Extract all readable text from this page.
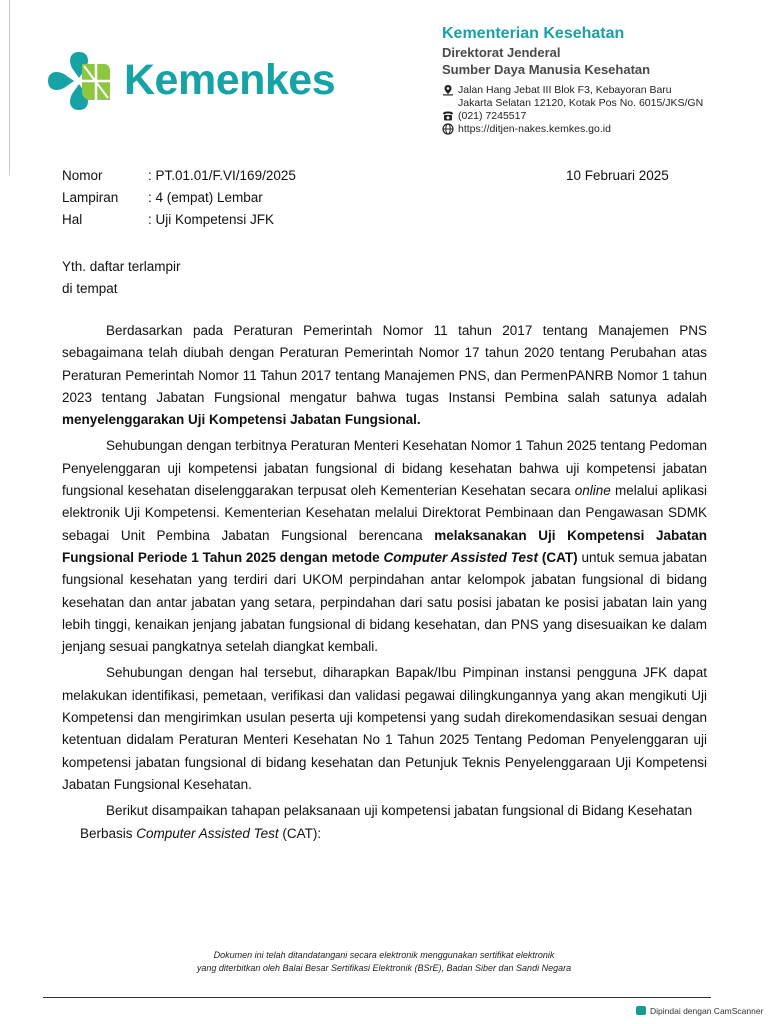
Kemenkes
Kementerian Kesehatan
Direktorat Jenderal
Sumber Daya Manusia Kesehatan
Jalan Hang Jebat III Blok F3, Kebayoran Baru
Jakarta Selatan 12120, Kotak Pos No. 6015/JKS/GN
(021) 7245517
https://ditjen-nakes.kemkes.go.id
Nomor	: PT.01.01/F.VI/169/2025
Lampiran : 4 (empat) Lembar
Hal	: Uji Kompetensi JFK
10 Februari 2025
Yth. daftar terlampir
di tempat

Berdasarkan pada Peraturan Pemerintah Nomor 11 tahun 2017 tentang Manajemen PNS sebagaimana telah diubah dengan Peraturan Pemerintah Nomor 17 tahun 2020 tentang Perubahan atas Peraturan Pemerintah Nomor 11 Tahun 2017 tentang Manajemen PNS, dan PermenPANRB Nomor 1 tahun 2023 tentang Jabatan Fungsional mengatur bahwa tugas Instansi Pembina salah satunya adalah menyelenggarakan Uji Kompetensi Jabatan Fungsional.

Sehubungan dengan terbitnya Peraturan Menteri Kesehatan Nomor 1 Tahun 2025 tentang Pedoman Penyelenggaran uji kompetensi jabatan fungsional di bidang kesehatan bahwa uji kompetensi jabatan fungsional kesehatan diselenggarakan terpusat oleh Kementerian Kesehatan secara online melalui aplikasi elektronik Uji Kompetensi. Kementerian Kesehatan melalui Direktorat Pembinaan dan Pengawasan SDMK sebagai Unit Pembina Jabatan Fungsional berencana melaksanakan Uji Kompetensi Jabatan Fungsional Periode 1 Tahun 2025 dengan metode Computer Assisted Test (CAT) untuk semua jabatan fungsional kesehatan yang terdiri dari UKOM perpindahan antar kelompok jabatan fungsional di bidang kesehatan dan antar jabatan yang setara, perpindahan dari satu posisi jabatan ke posisi jabatan lain yang lebih tinggi, kenaikan jenjang jabatan fungsional di bidang kesehatan, dan PNS yang disesuaikan ke dalam jenjang sesuai pangkatnya setelah diangkat kembali.

Sehubungan dengan hal tersebut, diharapkan Bapak/Ibu Pimpinan instansi pengguna JFK dapat melakukan identifikasi, pemetaan, verifikasi dan validasi pegawai dilingkungannya yang akan mengikuti Uji Kompetensi dan mengirimkan usulan peserta uji kompetensi yang sudah direkomendasikan sesuai dengan ketentuan didalam Peraturan Menteri Kesehatan No 1 Tahun 2025 Tentang Pedoman Penyelenggaran uji kompetensi jabatan fungsional di bidang kesehatan dan Petunjuk Teknis Penyelenggaraan Uji Kompetensi Jabatan Fungsional Kesehatan.

Berikut disampaikan tahapan pelaksanaan uji kompetensi jabatan fungsional di Bidang Kesehatan

Berbasis Computer Assisted Test (CAT):

Dokumen ini telah ditandatangani secara elektronik menggunakan sertifikat elektronik
yang diterbitkan oleh Balai Besar Sertifikasi Elektronik (BSrE), Badan Siber dan Sandi Negara
Dipindai dengan CamScanner
